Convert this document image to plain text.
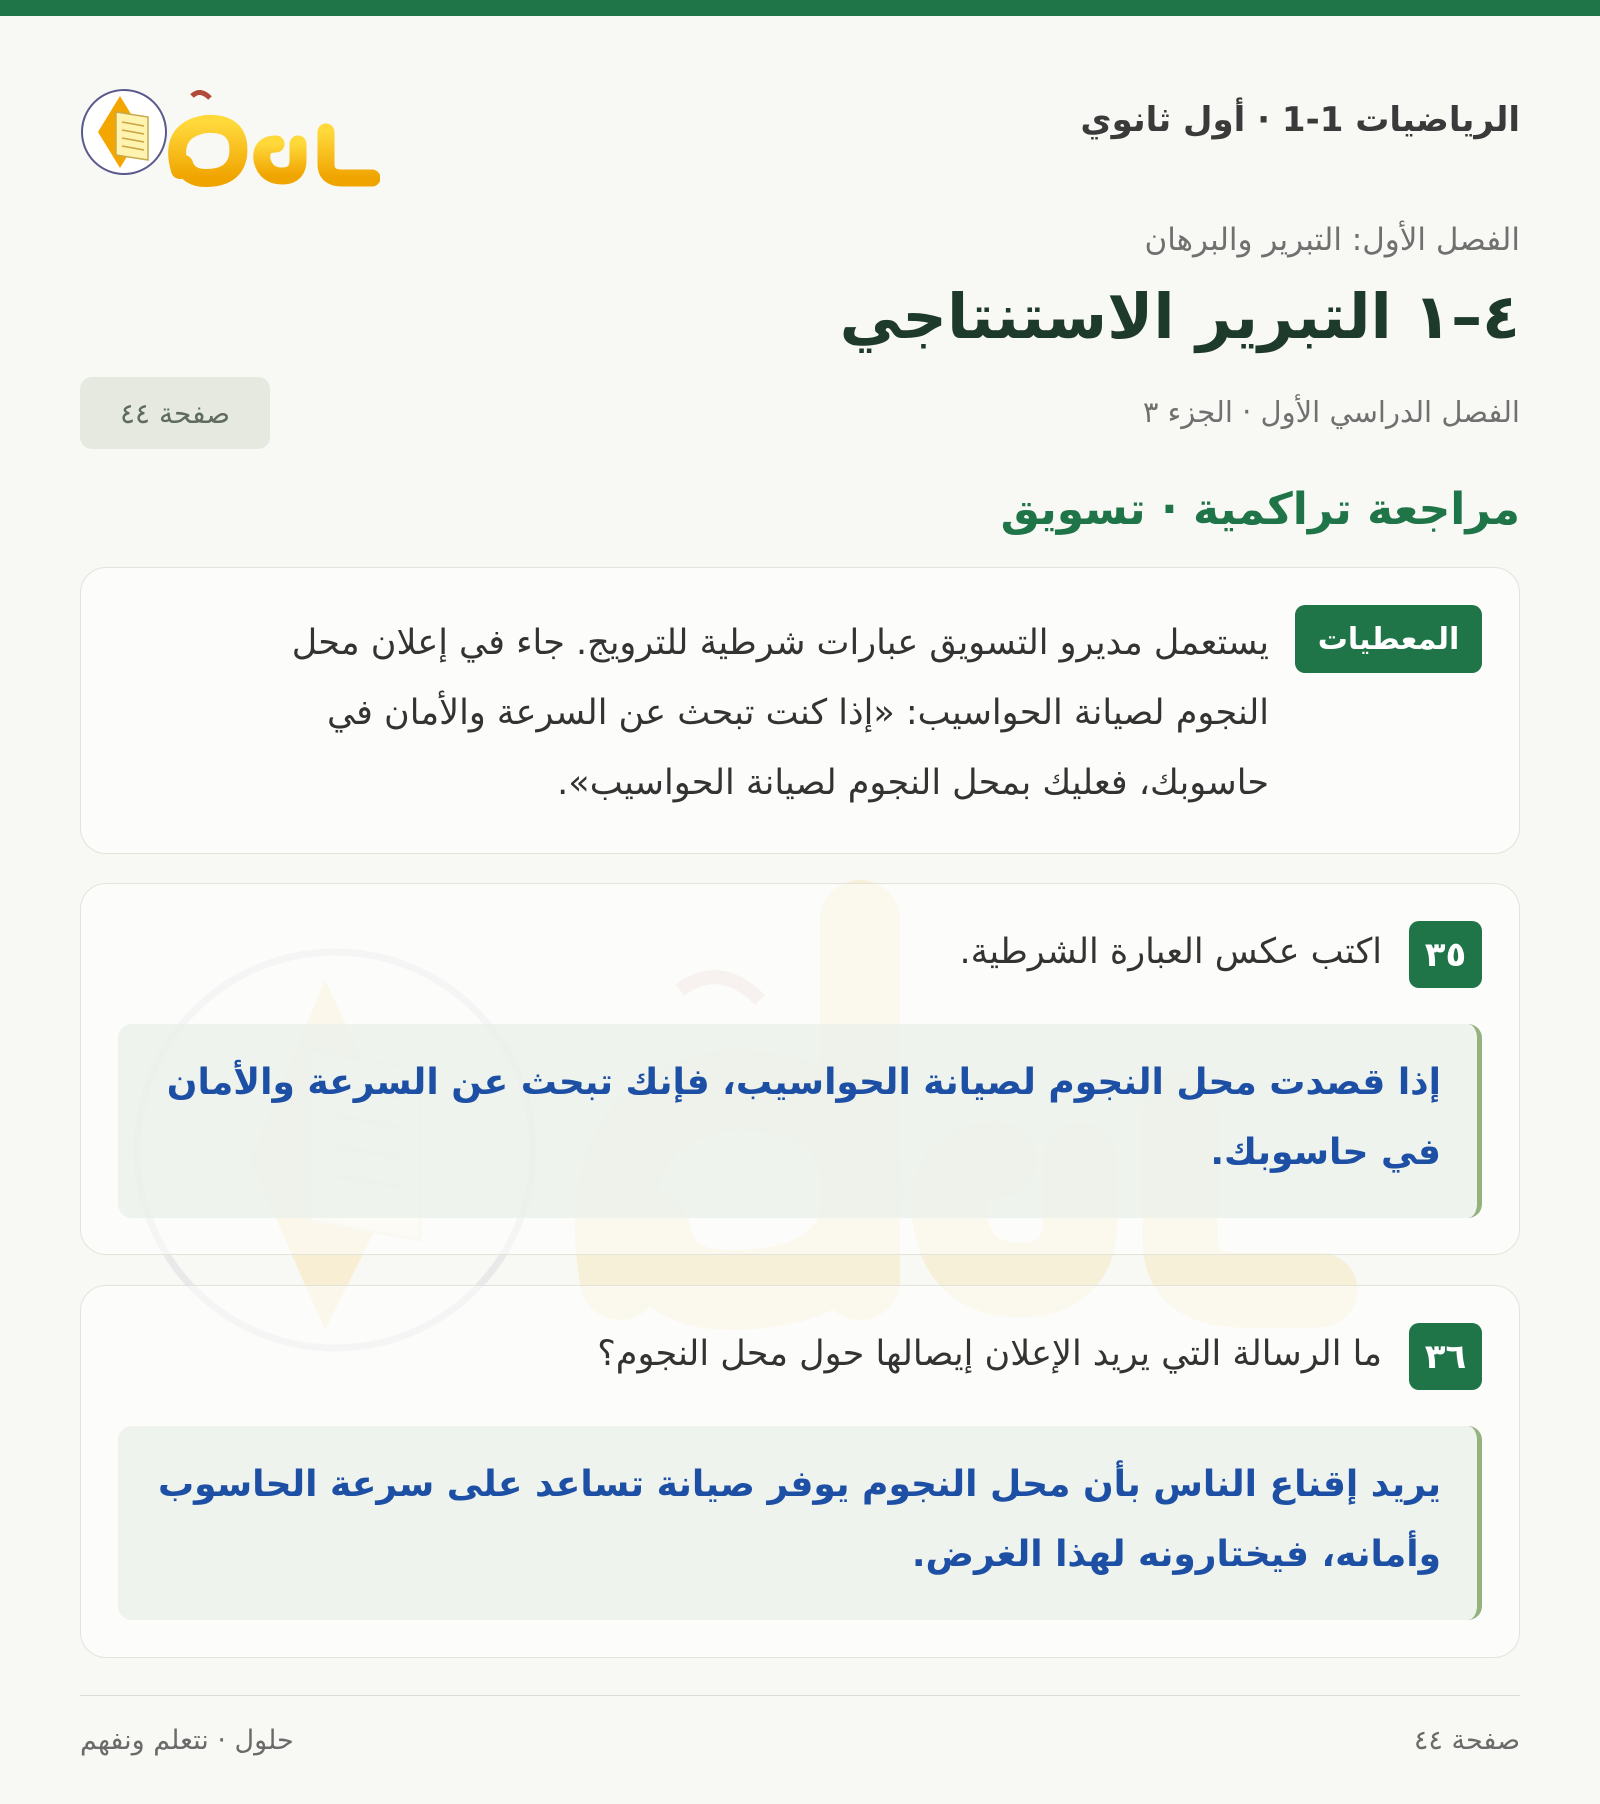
الرياضيات 1-1 · أول ثانوي
الفصل الأول: التبرير والبرهان
٤–١ التبرير الاستنتاجي
صفحة ٤٤	الفصل الدراسي الأول · الجزء ٣
مراجعة تراكمية · تسويق
المعطيات
يستعمل مديرو التسويق عبارات شرطية للترويج. جاء في إعلان محل النجوم لصيانة الحواسيب: «إذا كنت تبحث عن السرعة والأمان في حاسوبك، فعليك بمحل النجوم لصيانة الحواسيب».
٣٥
اكتب عكس العبارة الشرطية.
إذا قصدت محل النجوم لصيانة الحواسيب، فإنك تبحث عن السرعة والأمان في حاسوبك.
٣٦
ما الرسالة التي يريد الإعلان إيصالها حول محل النجوم؟
يريد إقناع الناس بأن محل النجوم يوفر صيانة تساعد على سرعة الحاسوب وأمانه، فيختارونه لهذا الغرض.
حلول · نتعلم ونفهم	صفحة ٤٤
